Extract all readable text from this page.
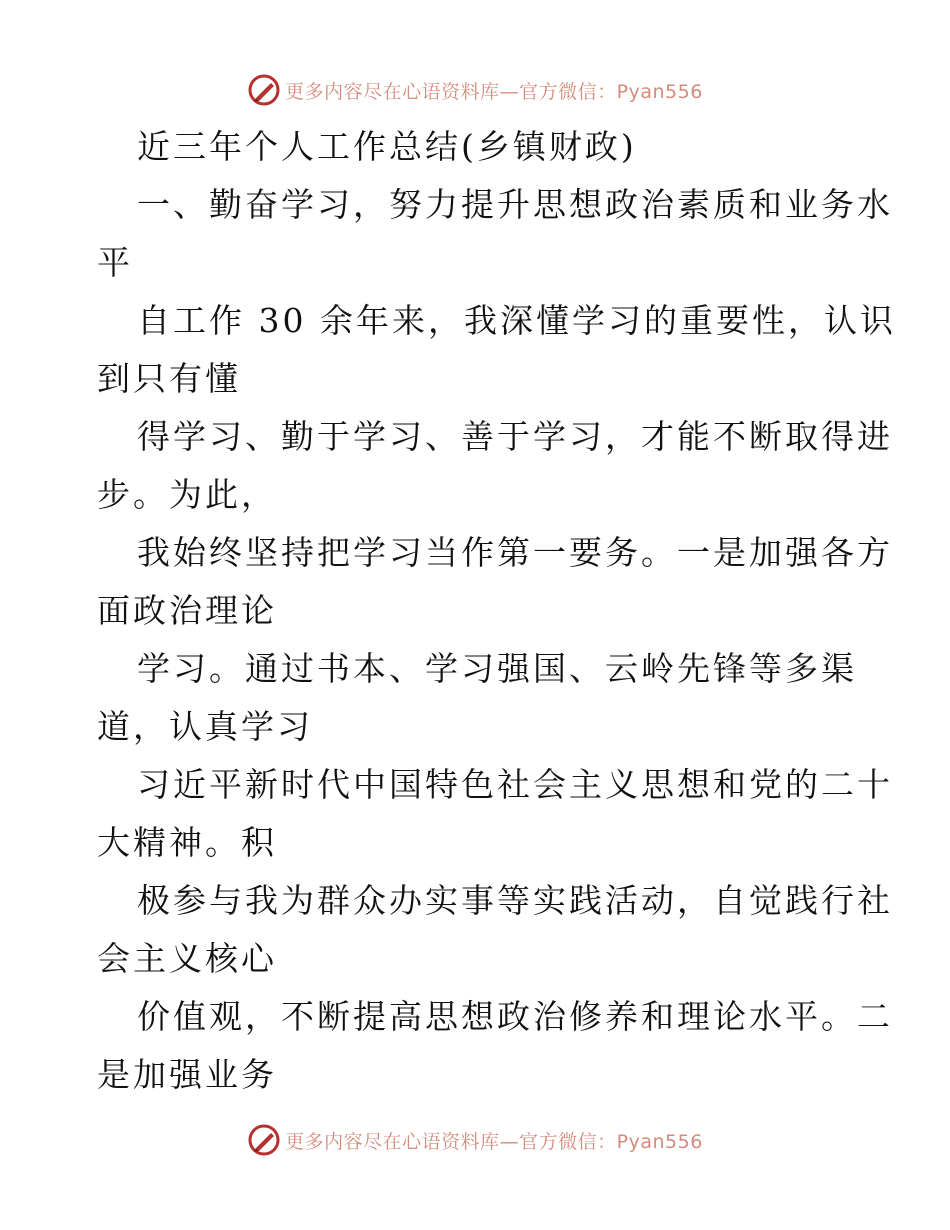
更多内容尽在心语资料库—官方微信：Pyan556
近三年个人工作总结(乡镇财政)
一、勤奋学习，努力提升思想政治素质和业务水
平
自工作 30 余年来，我深懂学习的重要性，认识
到只有懂
得学习、勤于学习、善于学习，才能不断取得进
步。为此，
我始终坚持把学习当作第一要务。一是加强各方
面政治理论
学习。通过书本、学习强国、云岭先锋等多渠
道，认真学习
习近平新时代中国特色社会主义思想和党的二十
大精神。积
极参与我为群众办实事等实践活动，自觉践行社
会主义核心
价值观，不断提高思想政治修养和理论水平。二
是加强业务
更多内容尽在心语资料库—官方微信：Pyan556
